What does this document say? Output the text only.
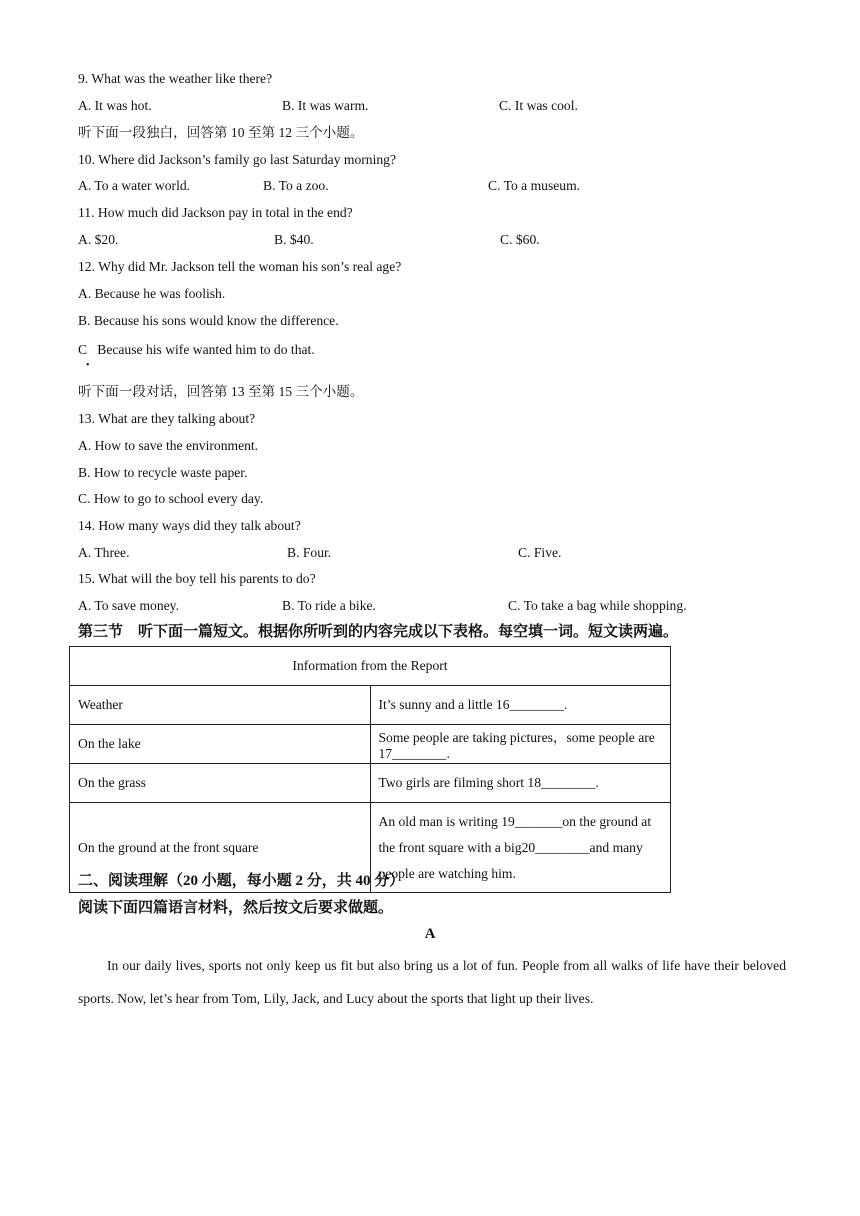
9. What was the weather like there?
A. It was hot.	B. It was warm.	C. It was cool.
听下面一段独白，回答第 10 至第 12 三个小题。
10. Where did Jackson’s family go last Saturday morning?
A. To a water world.	B. To a zoo.	C. To a museum.
11. How much did Jackson pay in total in the end?
A. $20.	B. $40.	C. $60.
12. Why did Mr. Jackson tell the woman his son’s real age?
A. Because he was foolish.
B. Because his sons would know the difference.
C   Because his wife wanted him to do that.
•
听下面一段对话，回答第 13 至第 15 三个小题。
13. What are they talking about?
A. How to save the environment.
B. How to recycle waste paper.
C. How to go to school every day.
14. How many ways did they talk about?
A. Three.	B. Four.	C. Five.
15. What will the boy tell his parents to do?
A. To save money.	B. To ride a bike.	C. To take a bag while shopping.
第三节    听下面一篇短文。根据你所听到的内容完成以下表格。每空填一词。短文读两遍。
Information from the Report	
Weather	It’s sunny and a little 16________.
On the lake	Some people are taking pictures，some people are 17________.
On the grass	Two girls are filming short 18________.
On the ground at the front square	An old man is writing 19_______on the ground at the front square with a big20________and many people are watching him.
二、阅读理解（20 小题，每小题 2 分，共 40 分）
阅读下面四篇语言材料，然后按文后要求做题。
A
In our daily lives, sports not only keep us fit but also bring us a lot of fun. People from all walks of life have their beloved sports. Now, let’s hear from Tom, Lily, Jack, and Lucy about the sports that light up their lives.
